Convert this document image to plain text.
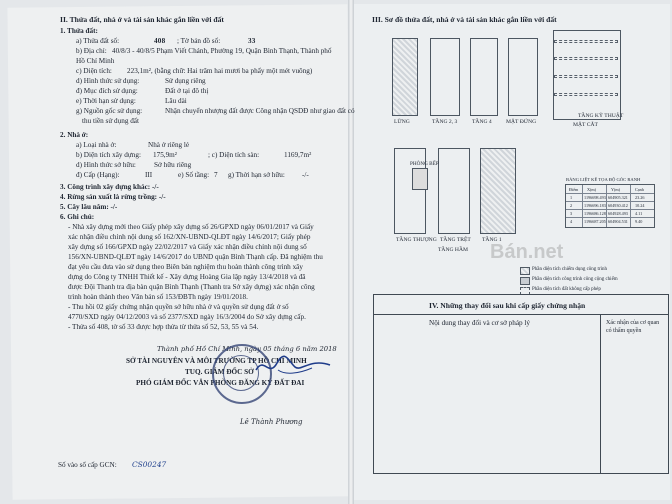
II. Thửa đất, nhà ở và tài sản khác gắn liền với đất
1. Thửa đất:
a) Thửa đất số:	408 ; Tờ bản đồ số:	33
b) Địa chỉ: 40/8/3 - 40/8/5 Phạm Viết Chánh, Phường 19, Quận Bình Thạnh, Thành phố
Hồ Chí Minh
c) Diện tích: 223,1m², (bằng chữ: Hai trăm hai mươi ba phẩy một mét vuông)
d) Hình thức sử dụng:	Sử dụng riêng
đ) Mục đích sử dụng:	Đất ở tại đô thị
e) Thời hạn sử dụng:	Lâu dài
g) Nguồn gốc sử dụng:	Nhận chuyển nhượng đất được Công nhận QSDĐ như giao đất có
thu tiền sử dụng đất
2. Nhà ở:
a) Loại nhà ở:	Nhà ở riêng lẻ
b) Diện tích xây dựng: 175,9m²	; c) Diện tích sàn:	1169,7m²
d) Hình thức sở hữu:	Sở hữu riêng
đ) Cấp (Hạng):	III	e) Số tầng: 7 g) Thời hạn sở hữu: -/-
3. Công trình xây dựng khác: -/-
4. Rừng sản xuất là rừng trồng: -/-
5. Cây lâu năm: -/-
6. Ghi chú:
- Nhà xây dựng mới theo Giấy phép xây dựng số 26/GPXD ngày 06/01/2017 và Giấy
xác nhận điều chỉnh nội dung số 162/XN-UBND-QLĐT ngày 14/6/2017; Giấy phép
xây dựng số 166/GPXD ngày 22/02/2017 và Giấy xác nhận điều chỉnh nội dung số
156/XN-UBND-QLĐT ngày 14/6/2017 do UBND quận Bình Thạnh cấp. Đã nghiệm thu
đạt yêu cầu đưa vào sử dụng theo Biên bản nghiệm thu hoàn thành công trình xây
dựng do Công ty TNHH Thiết kế - Xây dựng Hoàng Gia lập ngày 13/4/2018 và đã
được Đội Thanh tra địa bàn quận Bình Thạnh (Thanh tra Sở xây dựng) xác nhận công
trình hoàn thành theo Văn bản số 153/ĐBTh ngày 19/01/2018.
- Thu hồi 02 giấy chứng nhận quyền sở hữu nhà ở và quyền sử dụng đất ở số
4770/SXD ngày 04/12/2003 và số 2377/SXD ngày 16/3/2004 do Sở xây dựng cấp.
- Thửa số 408, tờ số 33 được hợp thửa từ thửa số 52, 53, 55 và 54.
Thành phố Hồ Chí Minh, ngày 05 tháng 6 năm 2018
SỞ TÀI NGUYÊN VÀ MÔI TRƯỜNG TP HỒ CHÍ MINH
TUQ. GIÁM ĐỐC SỞ
PHÓ GIÁM ĐỐC VĂN PHÒNG ĐĂNG KÝ ĐẤT ĐAI
Lê Thành Phương
Số vào sổ cấp GCN: CS00247
III. Sơ đồ thửa đất, nhà ở và tài sản khác gắn liền với đất
LỮNG	TẦNG 2, 3	TẦNG 4	MẶT ĐỨNG	MẶT CẮT
TẦNG THƯỢNG TẦNG TRỆT TẦNG 1
TẦNG KỸ THUẬT
PHÒNG BẾP
TẦNG HẦM
BẢNG LIỆT KÊ TỌA ĐỘ GÓC RANH
Điểm X(m)	Y(m)	Cạnh
1	1196698.493 604905.321 23.26
2	1196696.183 604930.412 10.24
3	1196686.128 604928.493 4.11
4	1196687.205 604904.531 9.40
Phần diện tích chiếm dụng công trình
Phần diện tích công trình công cộng chiếm
Phần diện tích đất không cấp phép
IV. Những thay đổi sau khi cấp giấy chứng nhận
Nội dung thay đổi và cơ sở pháp lý	Xác nhận của cơ quan có thẩm quyền
Bán.net
